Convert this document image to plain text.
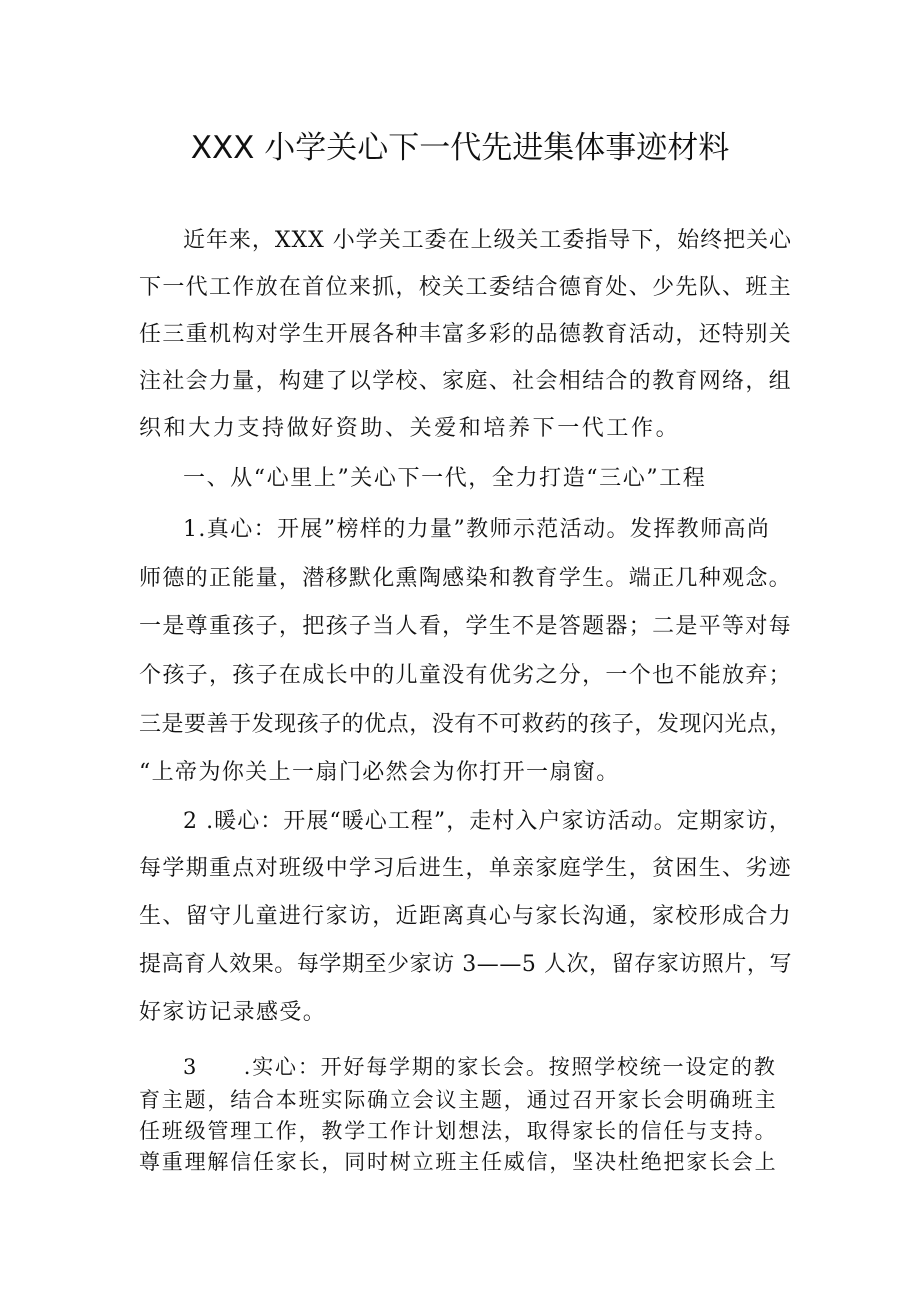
XXX 小学关心下一代先进集体事迹材料

近年来，XXX 小学关工委在上级关工委指导下，始终把关心

下一代工作放在首位来抓，校关工委结合德育处、少先队、班主

任三重机构对学生开展各种丰富多彩的品德教育活动，还特别关

注社会力量，构建了以学校、家庭、社会相结合的教育网络，组

织和大力支持做好资助、关爱和培养下一代工作。

一、从“心里上”关心下一代，全力打造“三心”工程

1.真心：开展”榜样的力量”教师示范活动。发挥教师高尚

师德的正能量，潜移默化熏陶感染和教育学生。端正几种观念。

一是尊重孩子，把孩子当人看，学生不是答题器；二是平等对每

个孩子，孩子在成长中的儿童没有优劣之分，一个也不能放弃；

三是要善于发现孩子的优点，没有不可救药的孩子，发现闪光点，

“上帝为你关上一扇门必然会为你打开一扇窗。

2 .暖心：开展“暖心工程”，走村入户家访活动。定期家访，

每学期重点对班级中学习后进生，单亲家庭学生，贫困生、劣迹

生、留守儿童进行家访，近距离真心与家长沟通，家校形成合力

提高育人效果。每学期至少家访 3——5 人次，留存家访照片，写

好家访记录感受。

3　　.实心：开好每学期的家长会。按照学校统一设定的教

育主题，结合本班实际确立会议主题，通过召开家长会明确班主

任班级管理工作，教学工作计划想法，取得家长的信任与支持。

尊重理解信任家长，同时树立班主任威信，坚决杜绝把家长会上
